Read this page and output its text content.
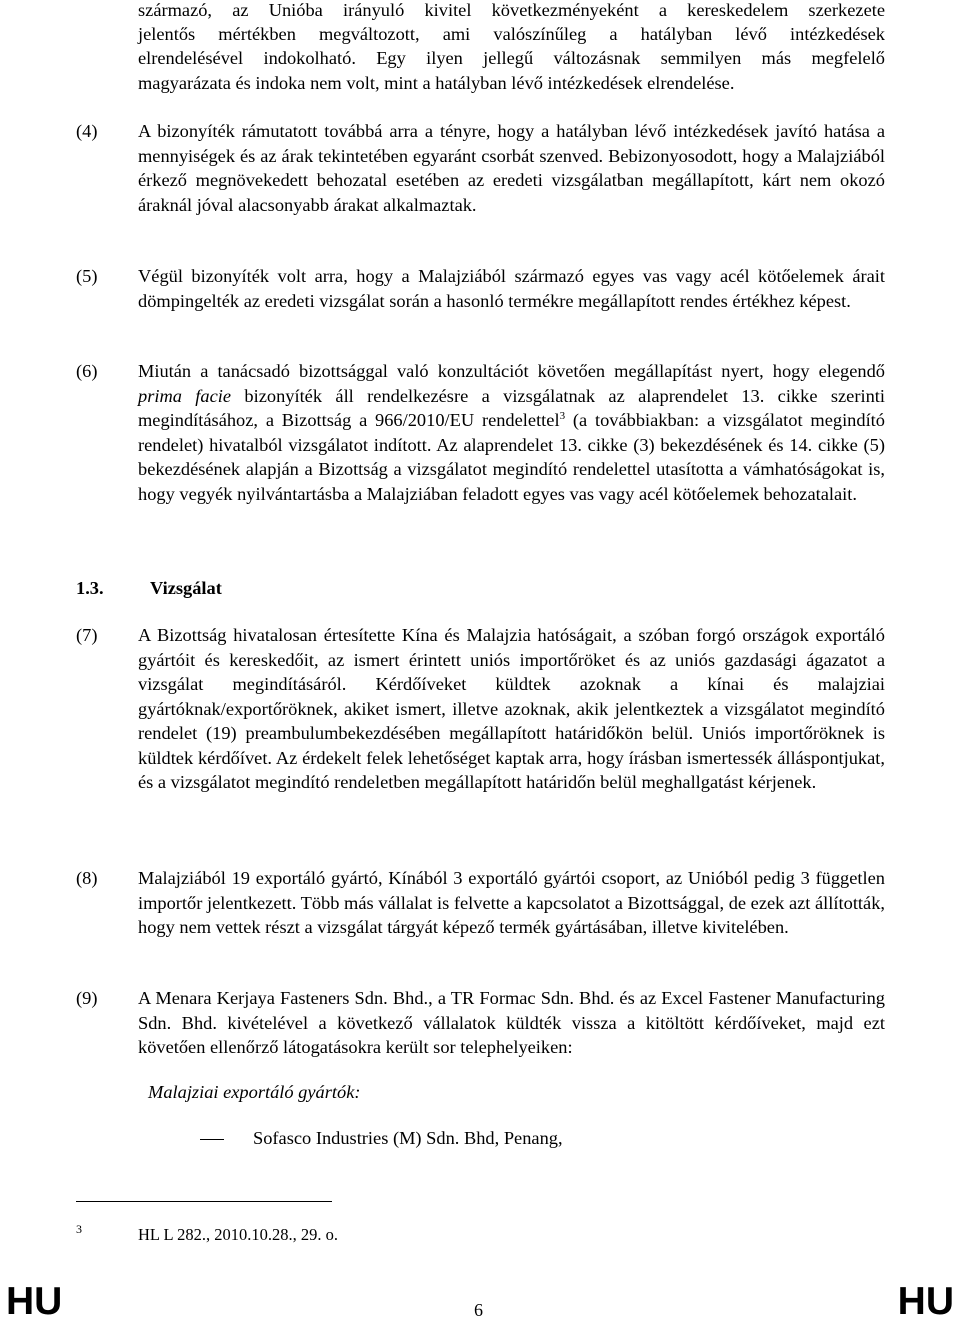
származó, az Unióba irányuló kivitel következményeként a kereskedelem szerkezete
jelentős mértékben megváltozott, ami valószínűleg a hatályban lévő intézkedések
elrendelésével indokolható. Egy ilyen jellegű változásnak semmilyen más megfelelő
magyarázata és indoka nem volt, mint a hatályban lévő intézkedések elrendelése.
(4) A bizonyíték rámutatott továbbá arra a tényre, hogy a hatályban lévő intézkedések javító hatása a mennyiségek és az árak tekintetében egyaránt csorbát szenved. Bebizonyosodott, hogy a Malajziából érkező megnövekedett behozatal esetében az eredeti vizsgálatban megállapított, kárt nem okozó áraknál jóval alacsonyabb árakat alkalmaztak.
(5) Végül bizonyíték volt arra, hogy a Malajziából származó egyes vas vagy acél kötőelemek árait dömpingelték az eredeti vizsgálat során a hasonló termékre megállapított rendes értékhez képest.
(6) Miután a tanácsadó bizottsággal való konzultációt követően megállapítást nyert, hogy elegendő prima facie bizonyíték áll rendelkezésre a vizsgálatnak az alaprendelet 13. cikke szerinti megindításához, a Bizottság a 966/2010/EU rendelettel$^3$ (a továbbiakban: a vizsgálatot megindító rendelet) hivatalból vizsgálatot indított. Az alaprendelet 13. cikke (3) bekezdésének és 14. cikke (5) bekezdésének alapján a Bizottság a vizsgálatot megindító rendelettel utasította a vámhatóságokat is, hogy vegyék nyilvántartásba a Malajziában feladott egyes vas vagy acél kötőelemek behozatalait.
1.3.	Vizsgálat
(7) A Bizottság hivatalosan értesítette Kína és Malajzia hatóságait, a szóban forgó országok exportáló gyártóit és kereskedőit, az ismert érintett uniós importőröket és az uniós gazdasági ágazatot a vizsgálat megindításáról. Kérdőíveket küldtek azoknak a kínai és malajziai gyártóknak/exportőröknek, akiket ismert, illetve azoknak, akik jelentkeztek a vizsgálatot megindító rendelet (19) preambulumbekezdésében megállapított határidőkön belül. Uniós importőröknek is küldtek kérdőívet. Az érdekelt felek lehetőséget kaptak arra, hogy írásban ismertessék álláspontjukat, és a vizsgálatot megindító rendeletben megállapított határidőn belül meghallgatást kérjenek.
(8) Malajziából 19 exportáló gyártó, Kínából 3 exportáló gyártói csoport, az Unióból pedig 3 független importőr jelentkezett. Több más vállalat is felvette a kapcsolatot a Bizottsággal, de ezek azt állították, hogy nem vettek részt a vizsgálat tárgyát képező termék gyártásában, illetve kivitelében.
(9) A Menara Kerjaya Fasteners Sdn. Bhd., a TR Formac Sdn. Bhd. és az Excel Fastener Manufacturing Sdn. Bhd. kivételével a következő vállalatok küldték vissza a kitöltött kérdőíveket, majd ezt követően ellenőrző látogatásokra került sor telephelyeiken:
Malajziai exportáló gyártók:
Sofasco Industries (M) Sdn. Bhd, Penang,
3	HL L 282., 2010.10.28., 29. o.
HU	6	HU
